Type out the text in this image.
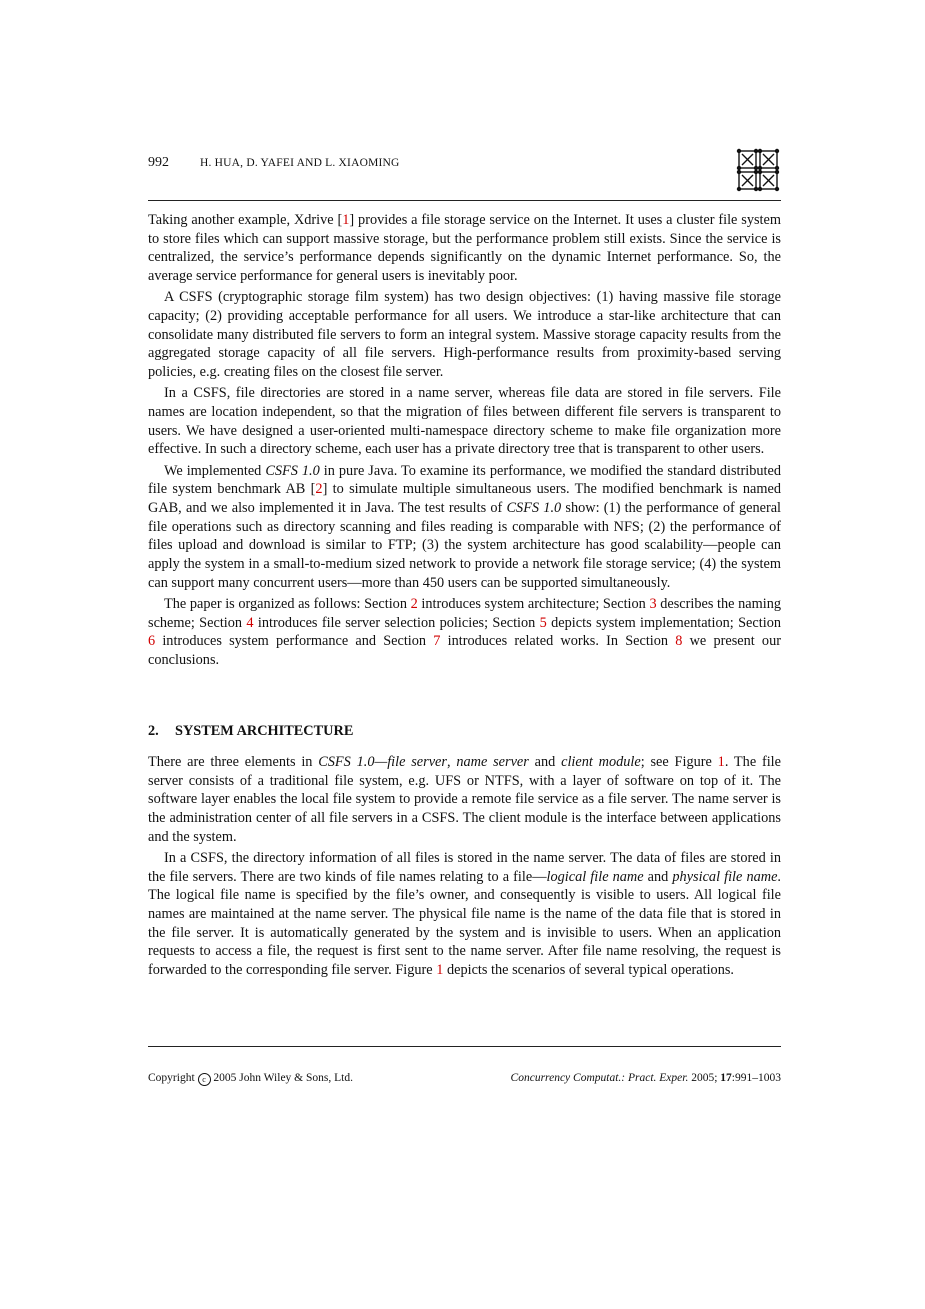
992	H. HUA, D. YAFEI AND L. XIAOMING

Taking another example, Xdrive [1] provides a file storage service on the Internet. It uses a cluster file system to store files which can support massive storage, but the performance problem still exists. Since the service is centralized, the service’s performance depends significantly on the dynamic Internet performance. So, the average service performance for general users is inevitably poor.

A CSFS (cryptographic storage film system) has two design objectives: (1) having massive file storage capacity; (2) providing acceptable performance for all users. We introduce a star-like architecture that can consolidate many distributed file servers to form an integral system. Massive storage capacity results from the aggregated storage capacity of all file servers. High-performance results from proximity-based serving policies, e.g. creating files on the closest file server.

In a CSFS, file directories are stored in a name server, whereas file data are stored in file servers. File names are location independent, so that the migration of files between different file servers is transparent to users. We have designed a user-oriented multi-namespace directory scheme to make file organization more effective. In such a directory scheme, each user has a private directory tree that is transparent to other users.

We implemented CSFS 1.0 in pure Java. To examine its performance, we modified the standard distributed file system benchmark AB [2] to simulate multiple simultaneous users. The modified benchmark is named GAB, and we also implemented it in Java. The test results of CSFS 1.0 show: (1) the performance of general file operations such as directory scanning and files reading is comparable with NFS; (2) the performance of files upload and download is similar to FTP; (3) the system architecture has good scalability—people can apply the system in a small-to-medium sized network to provide a network file storage service; (4) the system can support many concurrent users—more than 450 users can be supported simultaneously.

The paper is organized as follows: Section 2 introduces system architecture; Section 3 describes the naming scheme; Section 4 introduces file server selection policies; Section 5 depicts system implementation; Section 6 introduces system performance and Section 7 introduces related works. In Section 8 we present our conclusions.

2. SYSTEM ARCHITECTURE

There are three elements in CSFS 1.0—file server, name server and client module; see Figure 1. The file server consists of a traditional file system, e.g. UFS or NTFS, with a layer of software on top of it. The software layer enables the local file system to provide a remote file service as a file server. The name server is the administration center of all file servers in a CSFS. The client module is the interface between applications and the system.

In a CSFS, the directory information of all files is stored in the name server. The data of files are stored in the file servers. There are two kinds of file names relating to a file—logical file name and physical file name. The logical file name is specified by the file’s owner, and consequently is visible to users. All logical file names are maintained at the name server. The physical file name is the name of the data file that is stored in the file server. It is automatically generated by the system and is invisible to users. When an application requests to access a file, the request is first sent to the name server. After file name resolving, the request is forwarded to the corresponding file server. Figure 1 depicts the scenarios of several typical operations.

Copyright c 2005 John Wiley & Sons, Ltd.	Concurrency Computat.: Pract. Exper. 2005; 17:991–1003
